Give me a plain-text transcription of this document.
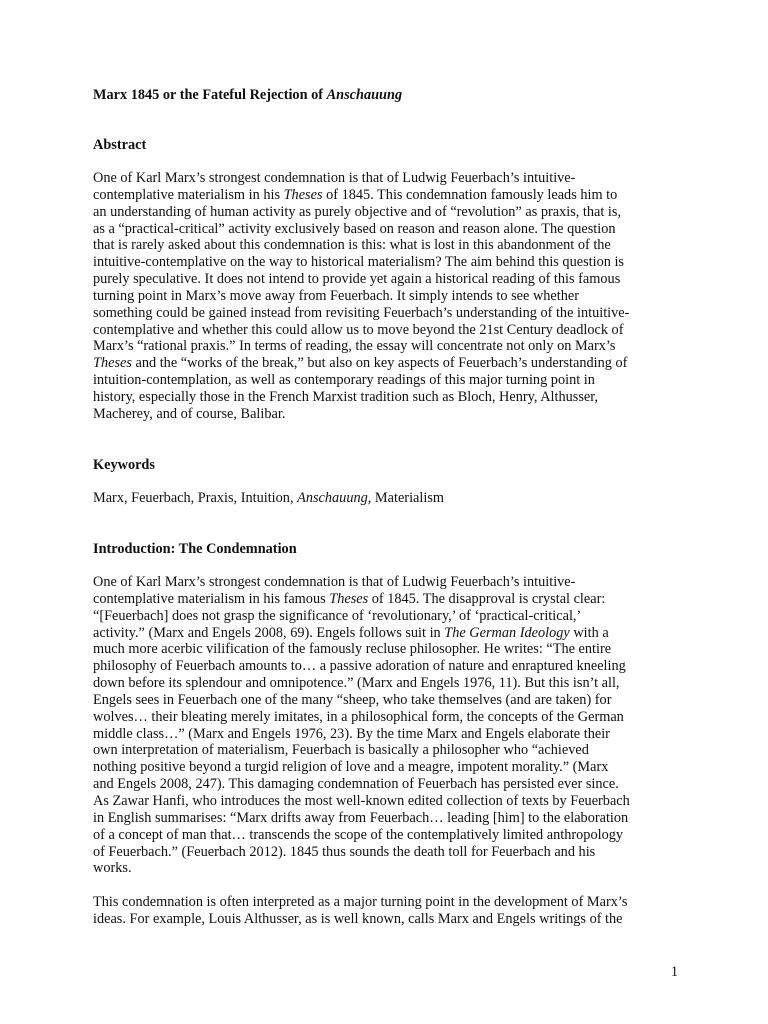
Marx 1845 or the Fateful Rejection of Anschauung
Abstract

One of Karl Marx’s strongest condemnation is that of Ludwig Feuerbach’s intuitive-
contemplative materialism in his Theses of 1845. This condemnation famously leads him to
an understanding of human activity as purely objective and of “revolution” as praxis, that is,
as a “practical-critical” activity exclusively based on reason and reason alone. The question
that is rarely asked about this condemnation is this: what is lost in this abandonment of the
intuitive-contemplative on the way to historical materialism? The aim behind this question is
purely speculative. It does not intend to provide yet again a historical reading of this famous
turning point in Marx’s move away from Feuerbach. It simply intends to see whether
something could be gained instead from revisiting Feuerbach’s understanding of the intuitive-
contemplative and whether this could allow us to move beyond the 21st Century deadlock of
Marx’s “rational praxis.” In terms of reading, the essay will concentrate not only on Marx’s
Theses and the “works of the break,” but also on key aspects of Feuerbach’s understanding of
intuition-contemplation, as well as contemporary readings of this major turning point in
history, especially those in the French Marxist tradition such as Bloch, Henry, Althusser,
Macherey, and of course, Balibar.

Keywords

Marx, Feuerbach, Praxis, Intuition, Anschauung, Materialism

Introduction: The Condemnation

One of Karl Marx’s strongest condemnation is that of Ludwig Feuerbach’s intuitive-
contemplative materialism in his famous Theses of 1845. The disapproval is crystal clear:
“[Feuerbach] does not grasp the significance of ‘revolutionary,’ of ‘practical-critical,’
activity.” (Marx and Engels 2008, 69). Engels follows suit in The German Ideology with a
much more acerbic vilification of the famously recluse philosopher. He writes: “The entire
philosophy of Feuerbach amounts to… a passive adoration of nature and enraptured kneeling
down before its splendour and omnipotence.” (Marx and Engels 1976, 11). But this isn’t all,
Engels sees in Feuerbach one of the many “sheep, who take themselves (and are taken) for
wolves… their bleating merely imitates, in a philosophical form, the concepts of the German
middle class…” (Marx and Engels 1976, 23). By the time Marx and Engels elaborate their
own interpretation of materialism, Feuerbach is basically a philosopher who “achieved
nothing positive beyond a turgid religion of love and a meagre, impotent morality.” (Marx
and Engels 2008, 247). This damaging condemnation of Feuerbach has persisted ever since.
As Zawar Hanfi, who introduces the most well-known edited collection of texts by Feuerbach
in English summarises: “Marx drifts away from Feuerbach… leading [him] to the elaboration
of a concept of man that… transcends the scope of the contemplatively limited anthropology
of Feuerbach.” (Feuerbach 2012). 1845 thus sounds the death toll for Feuerbach and his
works.

This condemnation is often interpreted as a major turning point in the development of Marx’s
ideas. For example, Louis Althusser, as is well known, calls Marx and Engels writings of the

1
